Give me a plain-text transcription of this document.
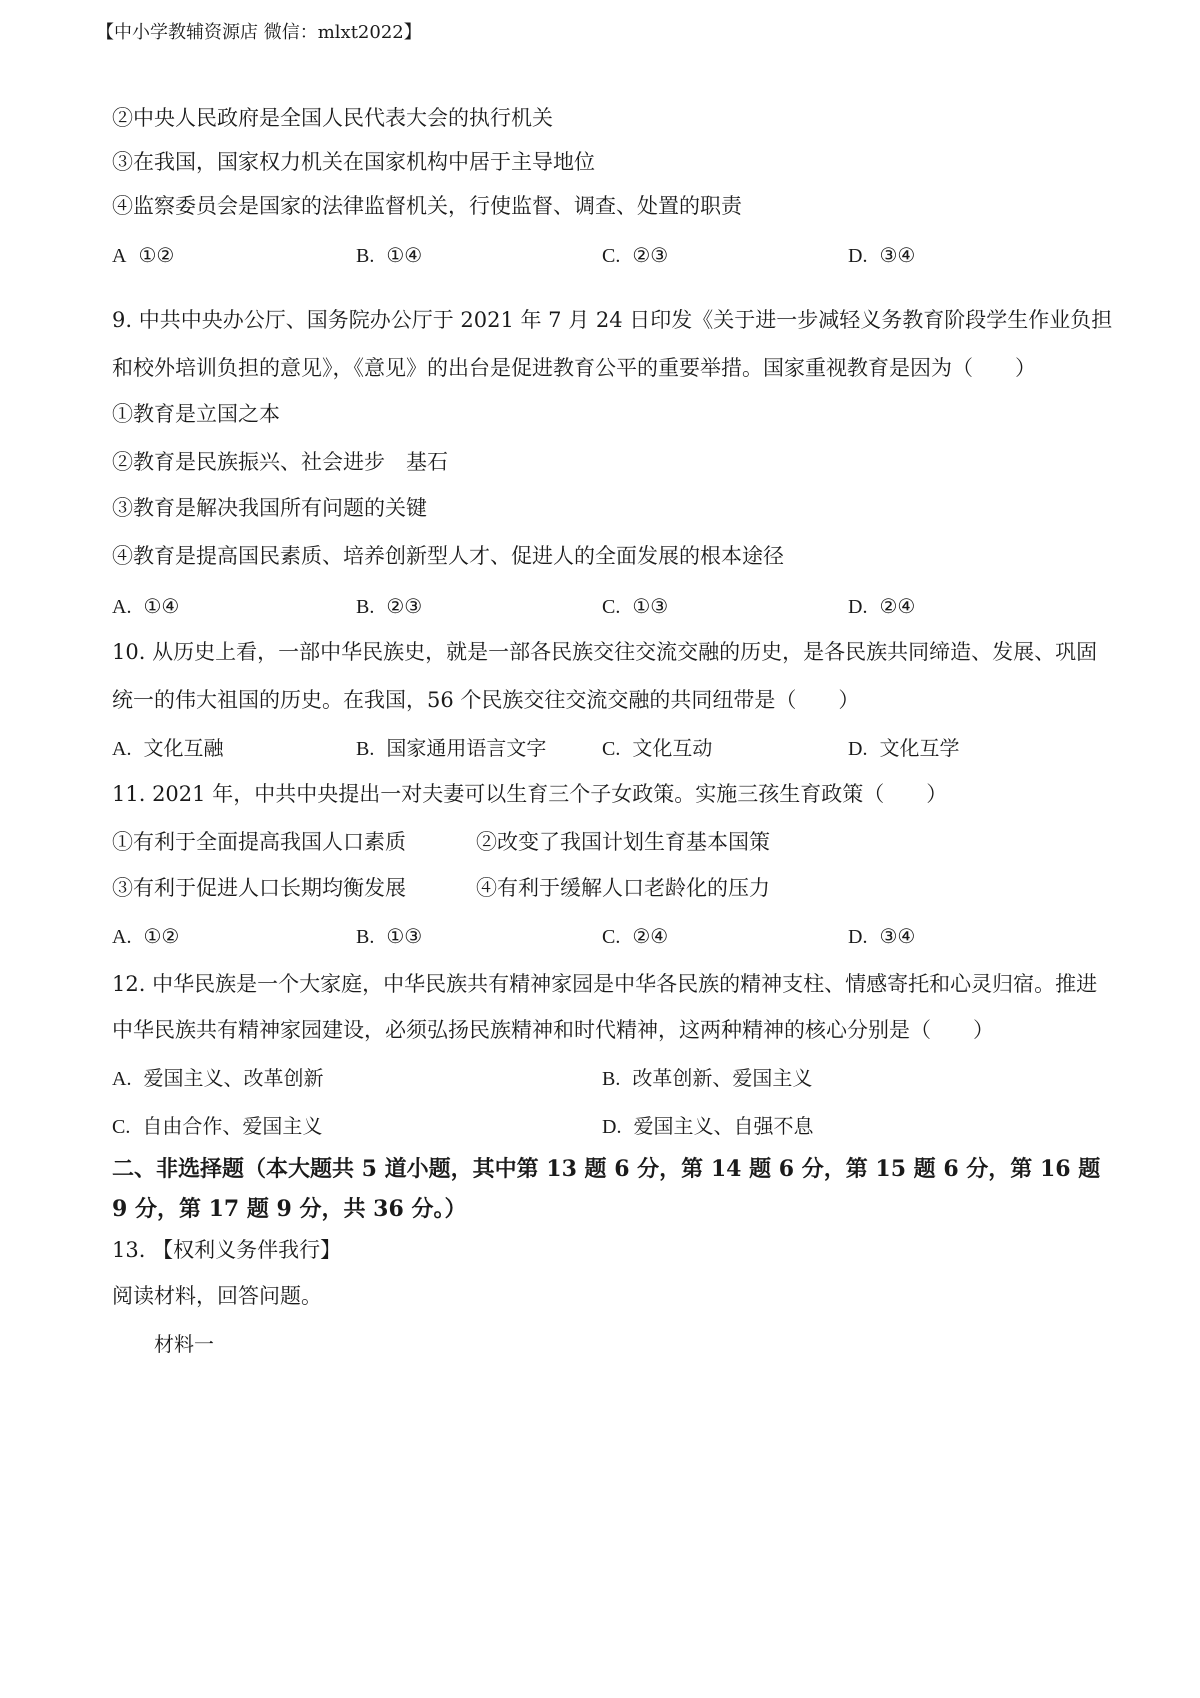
【中小学教辅资源店 微信：mlxt2022】
②中央人民政府是全国人民代表大会的执行机关
③在我国，国家权力机关在国家机构中居于主导地位
④监察委员会是国家的法律监督机关，行使监督、调查、处置的职责
A ①②	B. ①④	C. ②③	D. ③④
9. 中共中央办公厅、国务院办公厅于 2021 年 7 月 24 日印发《关于进一步减轻义务教育阶段学生作业负担
和校外培训负担的意见》，《意见》的出台是促进教育公平的重要举措。国家重视教育是因为（　　）
①教育是立国之本
②教育是民族振兴、社会进步　基石
③教育是解决我国所有问题的关键
④教育是提高国民素质、培养创新型人才、促进人的全面发展的根本途径
A. ①④	B. ②③	C. ①③	D. ②④
10. 从历史上看，一部中华民族史，就是一部各民族交往交流交融的历史，是各民族共同缔造、发展、巩固
统一的伟大祖国的历史。在我国，56 个民族交往交流交融的共同纽带是（　　）
A. 文化互融	B. 国家通用语言文字	C. 文化互动	D. 文化互学
11. 2021 年，中共中央提出一对夫妻可以生育三个子女政策。实施三孩生育政策（　　）
①有利于全面提高我国人口素质	②改变了我国计划生育基本国策
③有利于促进人口长期均衡发展	④有利于缓解人口老龄化的压力
A. ①②	B. ①③	C. ②④	D. ③④
12. 中华民族是一个大家庭，中华民族共有精神家园是中华各民族的精神支柱、情感寄托和心灵归宿。推进
中华民族共有精神家园建设，必须弘扬民族精神和时代精神，这两种精神的核心分别是（　　）
A. 爱国主义、改革创新	B. 改革创新、爱国主义
C. 自由合作、爱国主义	D. 爱国主义、自强不息
二、非选择题（本大题共 5 道小题，其中第 13 题 6 分，第 14 题 6 分，第 15 题 6 分，第 16 题
9 分，第 17 题 9 分，共 36 分。）
13. 【权利义务伴我行】
阅读材料，回答问题。
材料一
